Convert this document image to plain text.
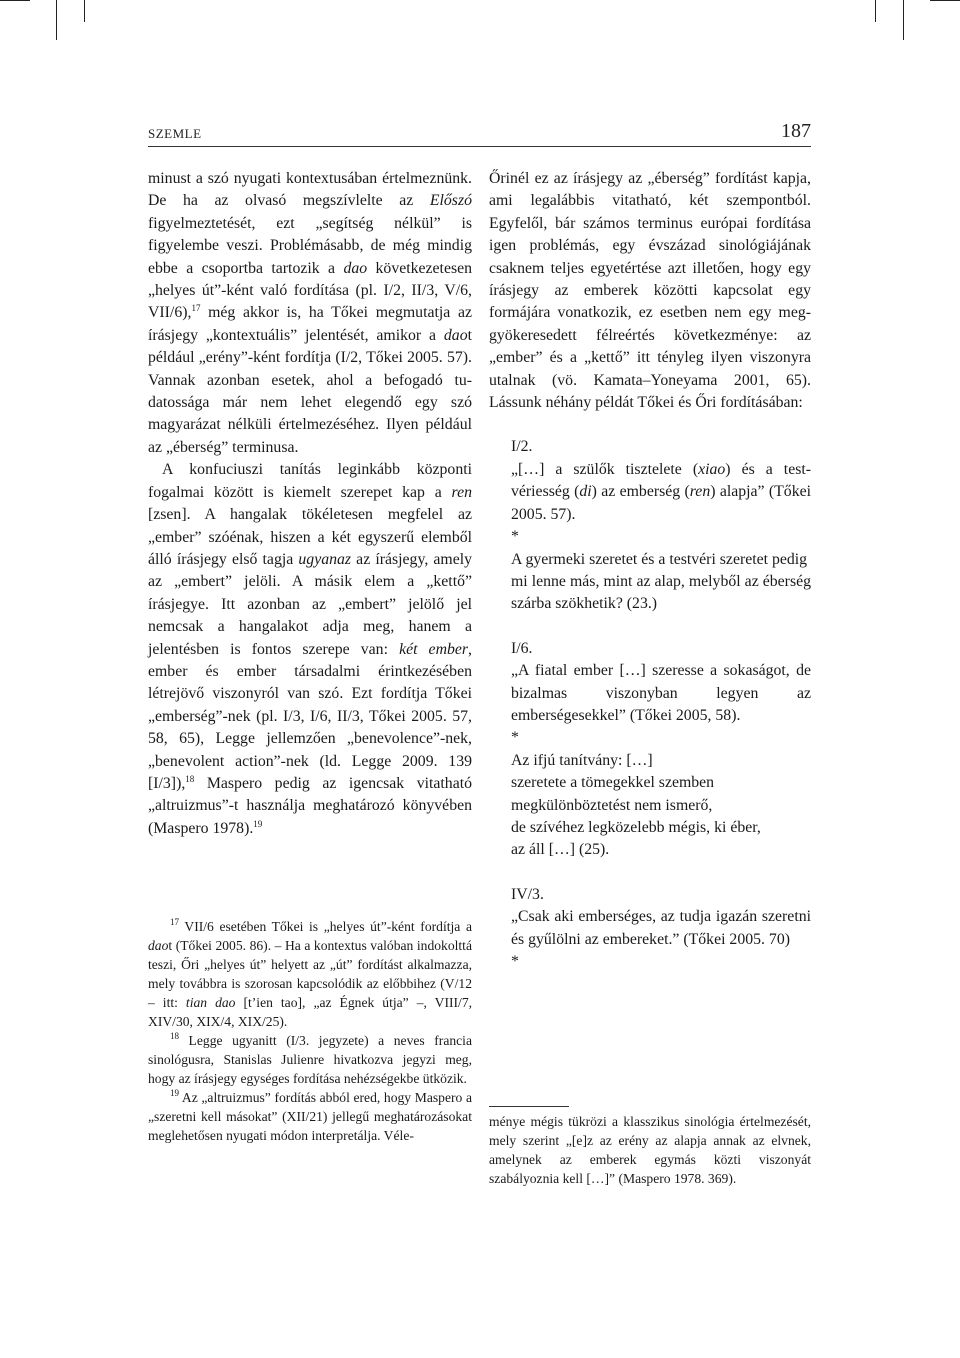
SZEMLE	187

minust a szó nyugati kontextusában értelmeznünk. De ha az olvasó megszívlelte az Előszó figyelmeztetését, ezt „segítség nélkül” is figyelembe veszi. Problémásabb, de még mindig ebbe a csoportba tartozik a dao következetesen „helyes út”-ként való fordítása (pl. I/2, II/3, V/6, VII/6),$^{17}$ még akkor is, ha Tőkei megmutatja az írásjegy „kontextuális” jelentését, amikor a daot például „erény”-ként fordítja (I/2, Tőkei 2005. 57). Vannak azonban esetek, ahol a befogadó tudatossága már nem lehet elegendő egy szó magyarázat nélküli értelmezéséhez. Ilyen például az „éberség” terminusa.

A konfuciuszi tanítás leginkább központi fogalmai között is kiemelt szerepet kap a ren [zsen]. A hangalak tökéletesen megfelel az „ember” szóénak, hiszen a két egyszerű elemből álló írásjegy első tagja ugyanaz az írásjegy, amely az „embert” jelöli. A másik elem a „kettő” írásjegye. Itt azonban az „embert” jelölő jel nemcsak a hangalakot adja meg, hanem a jelentésben is fontos szerepe van: két ember, ember és ember társadalmi érintkezésében létrejövő viszonyról van szó. Ezt fordítja Tőkei „emberség”-nek (pl. I/3, I/6, II/3, Tőkei 2005. 57, 58, 65), Legge jellemzően „benevolence”-nek, „benevolent action”-nek (ld. Legge 2009. 139 [I/3]),$^{18}$ Maspero pedig az igencsak vitatható „altruizmus”-t használja meghatározó könyvében (Maspero 1978).$^{19}$

$^{17}$ VII/6 esetében Tőkei is „helyes út”-ként fordítja a daot (Tőkei 2005. 86). – Ha a kontextus valóban indokolttá teszi, Őri „helyes út” helyett az „út” fordítást alkalmazza, mely továbbra is szorosan kapcsolódik az előbbihez (V/12 – itt: tian dao [t’ien tao], „az Égnek útja” –, VIII/7, XIV/30, XIX/4, XIX/25).

$^{18}$ Legge ugyanitt (I/3. jegyzete) a neves francia sinológusra, Stanislas Julienre hivatkozva jegyzi meg, hogy az írásjegy egységes fordítása nehézségekbe ütközik.

$^{19}$ Az „altruizmus” fordítás abból ered, hogy Maspero a „szeretni kell másokat” (XII/21) jellegű meghatározásokat meglehetősen nyugati módon interpretálja. Véle-

Őrinél ez az írásjegy az „éberség” fordítást kapja, ami legalábbis vitatható, két szempontból. Egyfelől, bár számos terminus európai fordítása igen problémás, egy évszázad sinológiájának csaknem teljes egyetértése azt illetően, hogy egy írásjegy az emberek közötti kapcsolat egy formájára vonatkozik, ez esetben nem egy meggyökeresedett félreértés következménye: az „ember” és a „kettő” itt tényleg ilyen viszonyra utalnak (vö. Kamata–Yoneyama 2001, 65). Lássunk néhány példát Tőkei és Őri fordításában:

I/2.

„[…] a szülők tisztelete (xiao) és a testvériesség (di) az emberség (ren) alapja” (Tőkei 2005. 57).

*

A gyermeki szeretet és a testvéri szeretet pedig

mi lenne más, mint az alap, melyből az éberség szárba szökhetik? (23.)

I/6.

„A fiatal ember […] szeresse a sokaságot, de bizalmas viszonyban legyen az emberségesekkel” (Tőkei 2005, 58).

*

Az ifjú tanítvány: […]

szeretete a tömegekkel szemben

megkülönböztetést nem ismerő,

de szívéhez legközelebb mégis, ki éber,

az áll […] (25).

IV/3.

„Csak aki emberséges, az tudja igazán szeretni és gyűlölni az embereket.” (Tőkei 2005. 70)

*

ménye mégis tükrözi a klasszikus sinológia értelmezését, mely szerint „[e]z az erény az alapja annak az elvnek, amelynek az emberek egymás közti viszonyát szabályoznia kell […]” (Maspero 1978. 369).
